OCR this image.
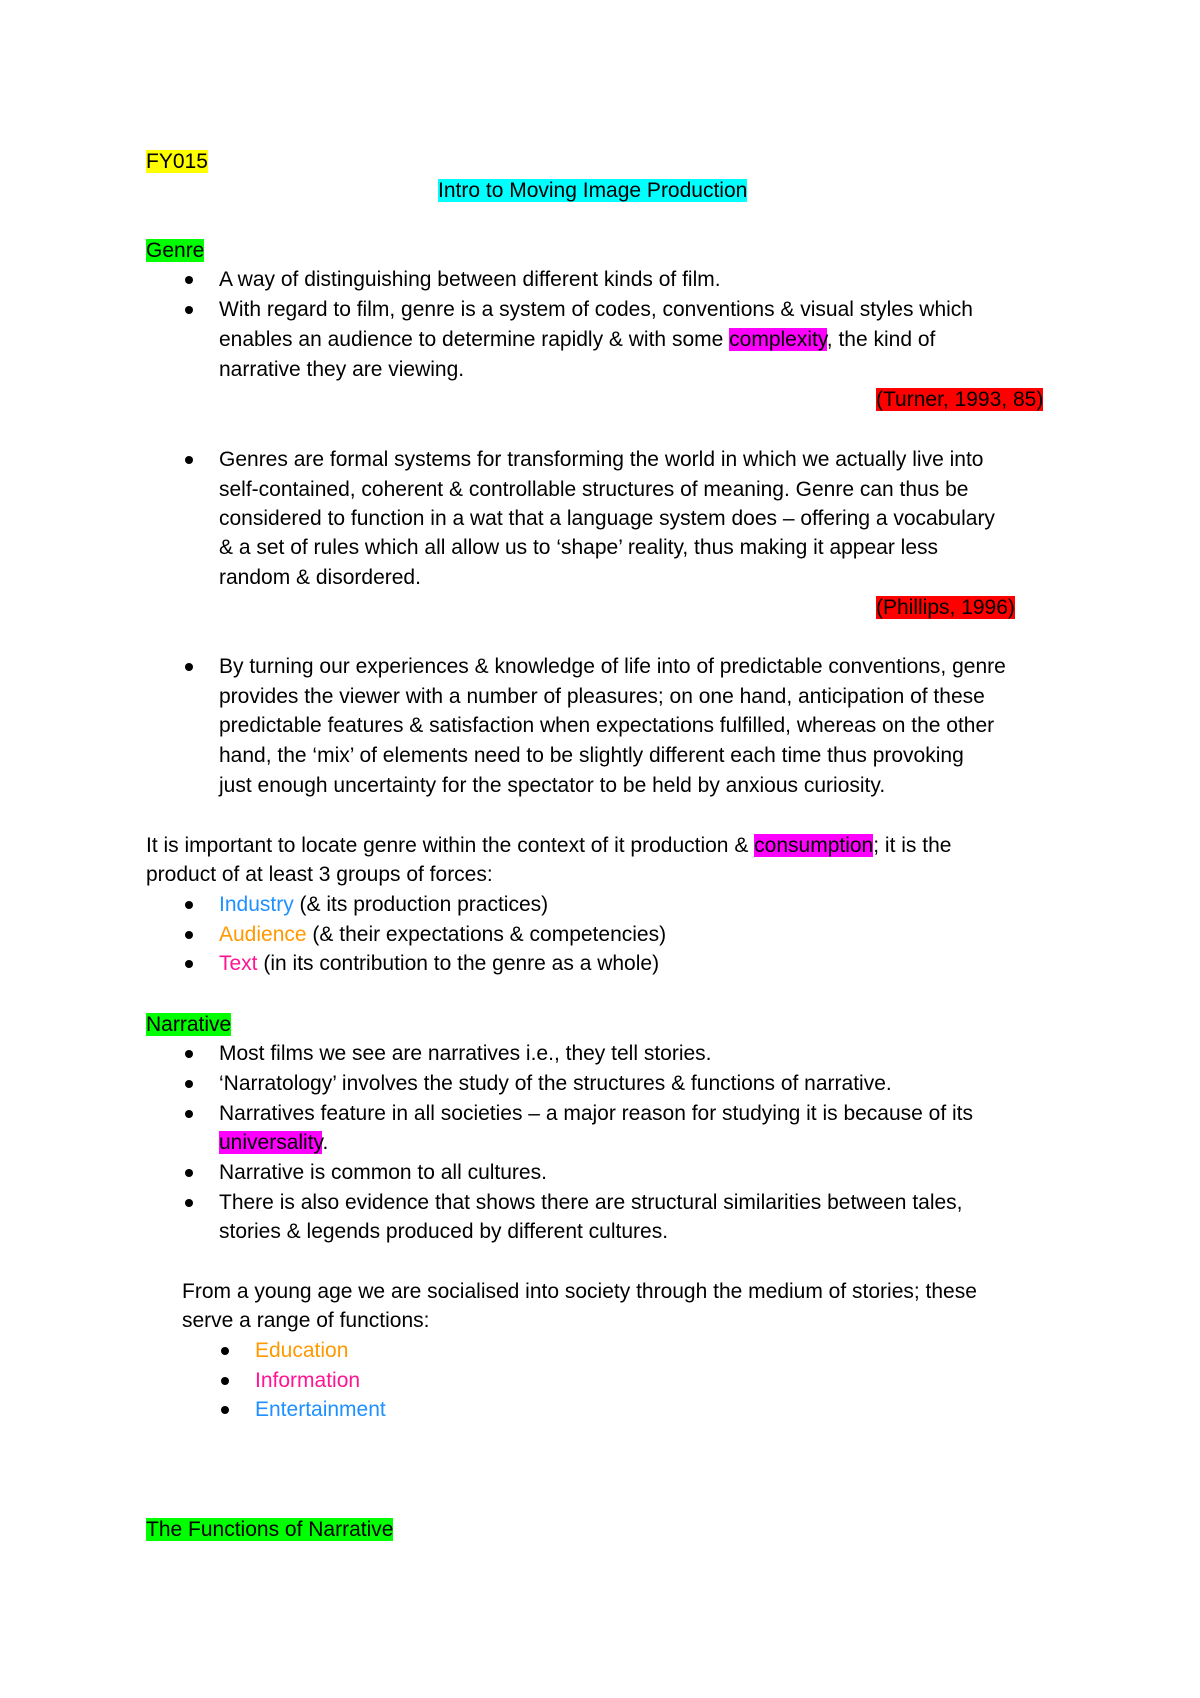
FY015
Intro to Moving Image Production
Genre
A way of distinguishing between different kinds of film.
With regard to film, genre is a system of codes, conventions & visual styles which
enables an audience to determine rapidly & with some complexity, the kind of
narrative they are viewing.
(Turner, 1993, 85)
Genres are formal systems for transforming the world in which we actually live into
self-contained, coherent & controllable structures of meaning. Genre can thus be
considered to function in a wat that a language system does – offering a vocabulary
& a set of rules which all allow us to ‘shape’ reality, thus making it appear less
random & disordered.
(Phillips, 1996)
By turning our experiences & knowledge of life into of predictable conventions, genre
provides the viewer with a number of pleasures; on one hand, anticipation of these
predictable features & satisfaction when expectations fulfilled, whereas on the other
hand, the ‘mix’ of elements need to be slightly different each time thus provoking
just enough uncertainty for the spectator to be held by anxious curiosity.
It is important to locate genre within the context of it production & consumption; it is the
product of at least 3 groups of forces:
Industry (& its production practices)
Audience (& their expectations & competencies)
Text (in its contribution to the genre as a whole)
Narrative
Most films we see are narratives i.e., they tell stories.
‘Narratology’ involves the study of the structures & functions of narrative.
Narratives feature in all societies – a major reason for studying it is because of its
universality.
Narrative is common to all cultures.
There is also evidence that shows there are structural similarities between tales,
stories & legends produced by different cultures.
From a young age we are socialised into society through the medium of stories; these
serve a range of functions:
Education
Information
Entertainment
The Functions of Narrative
